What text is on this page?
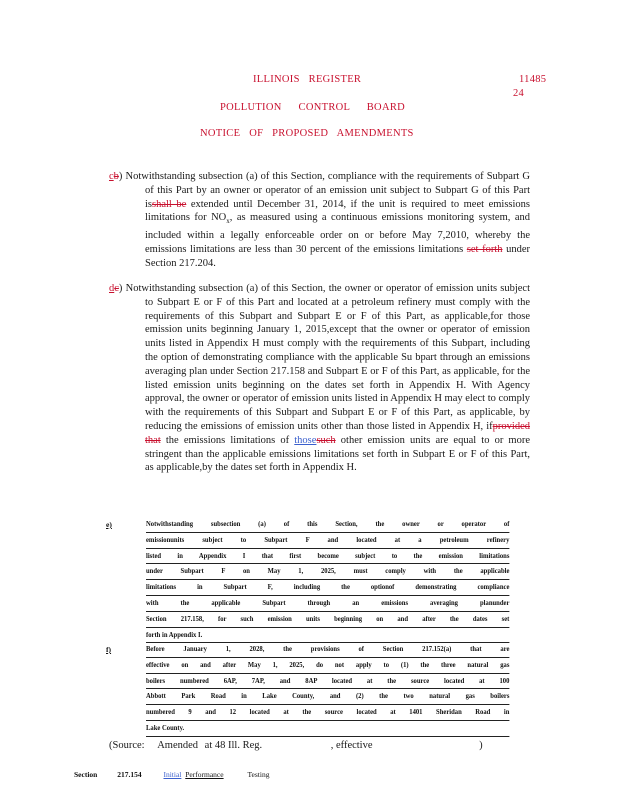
ILLINOIS REGISTER	11485
24
POLLUTION CONTROL BOARD
NOTICE OF PROPOSED AMENDMENTS
cb) Notwithstanding subsection (a) of this Section, compliance with the requirements of Subpart G of this Part by an owner or operator of an emission unit subject to Subpart G of this Part isshall be extended until December 31, 2014, if the unit is required to meet emissions limitations for $NO_x$, as measured using a continuous emissions monitoring system, and included within a legally enforceable order on or before May 7,2010, whereby the emissions limitations are less than 30 percent of the emissions limitations set forth under Section 217.204.
dc) Notwithstanding subsection (a) of this Section, the owner or operator of emission units subject to Subpart E or F of this Part and located at a petroleum refinery must comply with the requirements of this Subpart and Subpart E or F of this Part, as applicable,for those emission units beginning January 1, 2015,except that the owner or operator of emission units listed in Appendix H must comply with the requirements of this Subpart, including the option of demonstrating compliance with the applicable Su bpart through an emissions averaging plan under Section 217.158 and Subpart E or F of this Part, as applicable, for the listed emission units beginning on the dates set forth in Appendix H. With Agency approval, the owner or operator of emission units listed in Appendix H may elect to comply with the requirements of this Subpart and Subpart E or F of this Part, as applicable, by reducing the emissions of emission units other than those listed in Appendix H, ifprovided that the emissions limitations of thosesuch other emission units are equal to or more stringent than the applicable emissions limitations set forth in Subpart E or F of this Part, as applicable,by the dates set forth in Appendix H.
e)	Notwithstanding subsection (a) of this Section, the owner or operator of
emissionunits subject to Subpart F and located at a petroleum refinery
listed in Appendix I that first become subject to the emission limitations
under Subpart F on May 1, 2025, must comply with the applicable
limitations in Subpart F, including the optionof demonstrating compliance
with the applicable Subpart through an emissions averaging planunder
Section 217.158, for such emission units beginning on and after the dates set
forth in Appendix I.
f)	Before January 1, 2028, the provisions of Section 217.152(a) that are
effective on and after May 1, 2025, do not apply to (1) the three natural gas
boilers numbered 6AP, 7AP, and 8AP located at the source located at 100
Abbott Park Road in Lake County, and (2) the two natural gas boilers
numbered 9 and 12 located at the source located at 1401 Sheridan Road in
Lake County.
(Source: Amended at 48 Ill. Reg.	, effective	)
Section	217.154	Initial Performance	Testing
